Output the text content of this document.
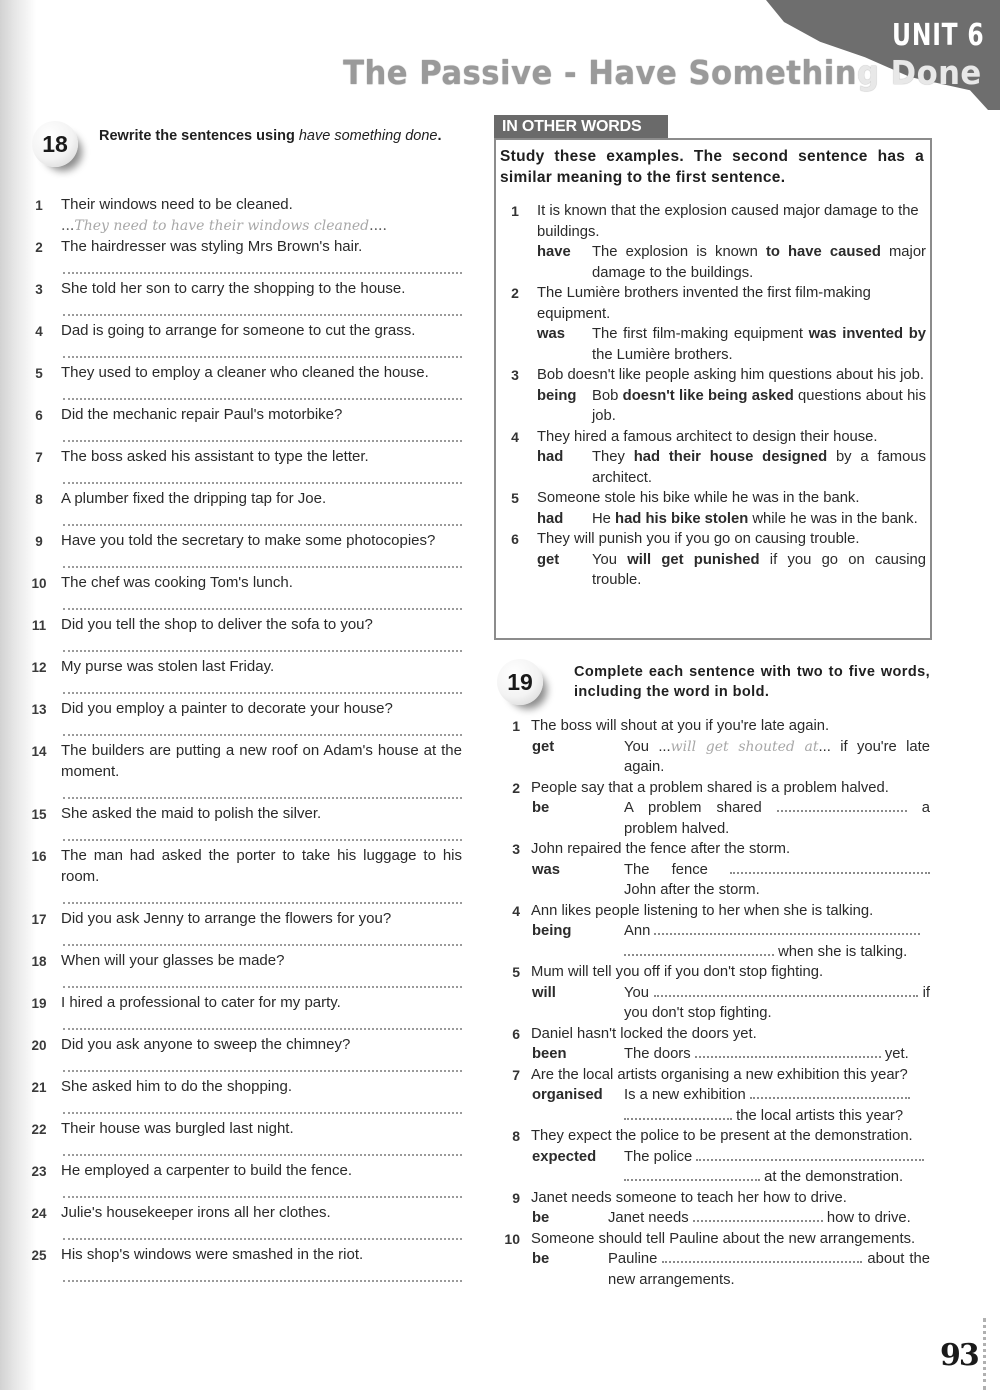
UNIT 6
The Passive - Have Something Done
18	Rewrite the sentences using have something done.
1	Their windows need to be cleaned.
...They need to have their windows cleaned....
2	The hairdresser was styling Mrs Brown's hair.
3	She told her son to carry the shopping to the house.
4	Dad is going to arrange for someone to cut the grass.
5	They used to employ a cleaner who cleaned the house.
6	Did the mechanic repair Paul's motorbike?
7	The boss asked his assistant to type the letter.
8	A plumber fixed the dripping tap for Joe.
9	Have you told the secretary to make some photocopies?
10 The chef was cooking Tom's lunch.
11 Did you tell the shop to deliver the sofa to you?
12 My purse was stolen last Friday.
13 Did you employ a painter to decorate your house?
14 The builders are putting a new roof on Adam's house at the moment.
15 She asked the maid to polish the silver.
16 The man had asked the porter to take his luggage to his room.
17 Did you ask Jenny to arrange the flowers for you?
18 When will your glasses be made?
19 I hired a professional to cater for my party.
20 Did you ask anyone to sweep the chimney?
21 She asked him to do the shopping.
22 Their house was burgled last night.
23 He employed a carpenter to build the fence.
24 Julie's housekeeper irons all her clothes.
25 His shop's windows were smashed in the riot.
IN OTHER WORDS
Study these examples. The second sentence has a similar meaning to the first sentence.
1	It is known that the explosion caused major damage to the buildings.
have The explosion is known to have caused major damage to the buildings.
2	The Lumière brothers invented the first film-making equipment.
was The first film-making equipment was invented by the Lumière brothers.
3	Bob doesn't like people asking him questions about his job.
being Bob doesn't like being asked questions about his job.
4	They hired a famous architect to design their house.
had They had their house designed by a famous architect.
5	Someone stole his bike while he was in the bank.
had He had his bike stolen while he was in the bank.
6	They will punish you if you go on causing trouble.
get You will get punished if you go on causing trouble.
19	Complete each sentence with two to five words, including the word in bold.
1 The boss will shout at you if you're late again.
get	You ...will get shouted at... if you're late again.
2 People say that a problem shared is a problem halved.
be	A problem shared	a problem halved.
3 John repaired the fence after the storm.
was	The fence  John after the storm.
4 Ann likes people listening to her when she is talking.
being	Ann
when she is talking.
5 Mum will tell you off if you don't stop fighting.
will	You	if you don't stop fighting.
6 Daniel hasn't locked the doors yet.
been	The doors	yet.
7 Are the local artists organising a new exhibition this year?
organised Is a new exhibition
the local artists this year?
8 They expect the police to be present at the demonstration.
expected The police
at the demonstration.
9 Janet needs someone to teach her how to drive.
be	Janet needs	how to drive.
10 Someone should tell Pauline about the new arrangements.
be	Pauline	about the new arrangements.
93
